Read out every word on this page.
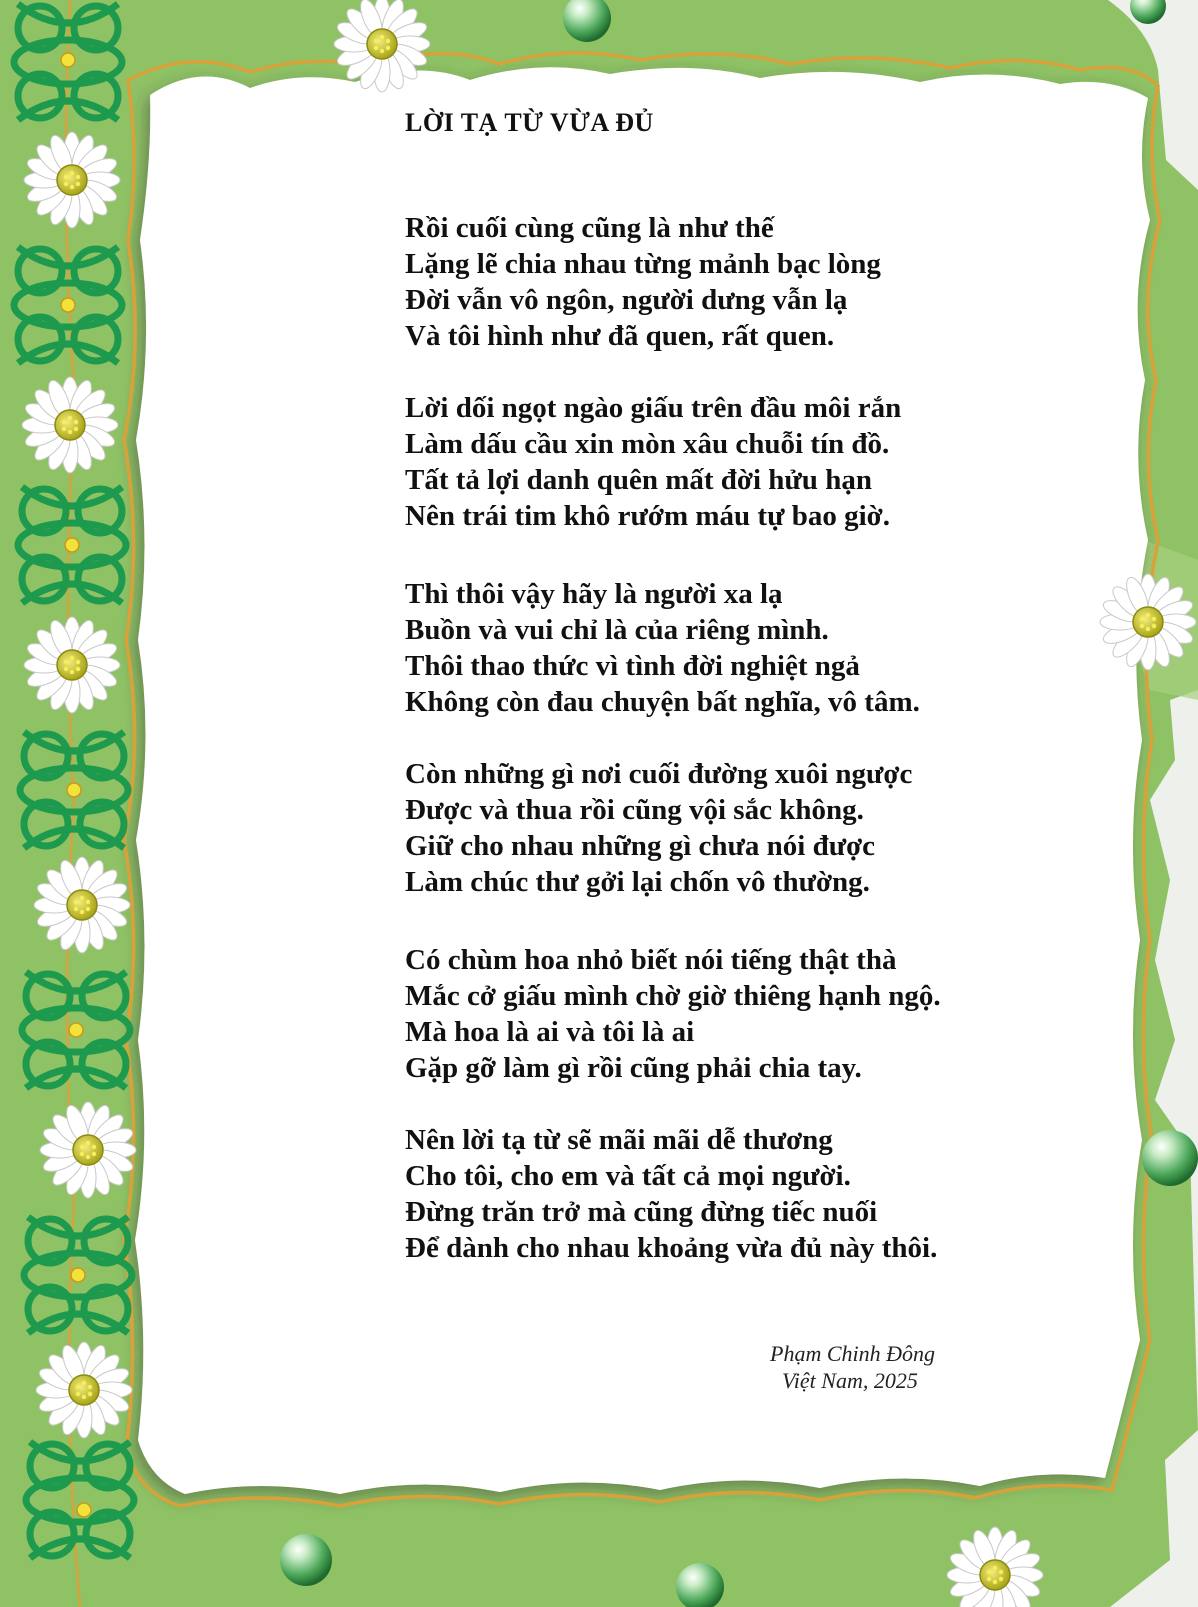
LỜI TẠ TỪ VỪA ĐỦ
Rồi cuối cùng cũng là như thế
Lặng lẽ chia nhau từng mảnh bạc lòng
Đời vẫn vô ngôn, người dưng vẫn lạ
Và tôi hình như đã quen, rất quen.
Lời dối ngọt ngào giấu trên đầu môi rắn
Làm dấu cầu xin mòn xâu chuỗi tín đồ.
Tất tả lợi danh quên mất đời hửu hạn
Nên trái tim khô rướm máu tự bao giờ.
Thì thôi vậy hãy là người xa lạ
Buồn và vui chỉ là của riêng mình.
Thôi thao thức vì tình đời nghiệt ngả
Không còn đau chuyện bất nghĩa, vô tâm.
Còn những gì nơi cuối đường xuôi ngược
Được và thua rồi cũng vội sắc không.
Giữ cho nhau những gì chưa nói được
Làm chúc thư gởi lại chốn vô thường.
Có chùm hoa nhỏ biết nói tiếng thật thà
Mắc cở giấu mình chờ giờ thiêng hạnh ngộ.
Mà hoa là ai và tôi là ai
Gặp gỡ làm gì rồi cũng phải chia tay.
Nên lời tạ từ sẽ mãi mãi dễ thương
Cho tôi, cho em và tất cả mọi người.
Đừng trăn trở mà cũng đừng tiếc nuối
Để dành cho nhau khoảng vừa đủ này thôi.
Phạm Chinh Đông
Việt Nam, 2025
